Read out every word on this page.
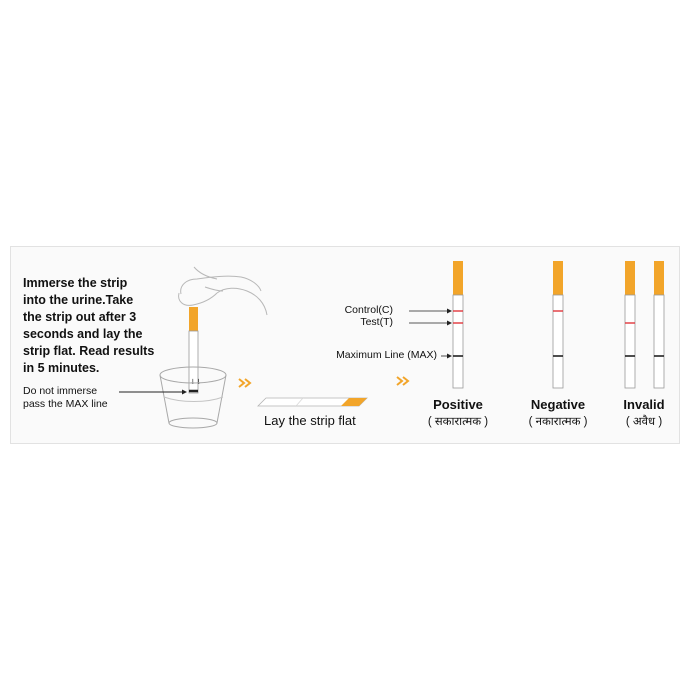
↓↓
Immerse the strip
into the urine.Take
the strip out after 3
seconds and lay the
strip flat. Read results
in 5 minutes.
Do not immerse
pass the MAX line
Lay the strip flat
Control(C)
Test(T)
Maximum Line (MAX)
Positive
( सकारात्मक )
Negative
( नकारात्मक )
Invalid
( अवैध )
